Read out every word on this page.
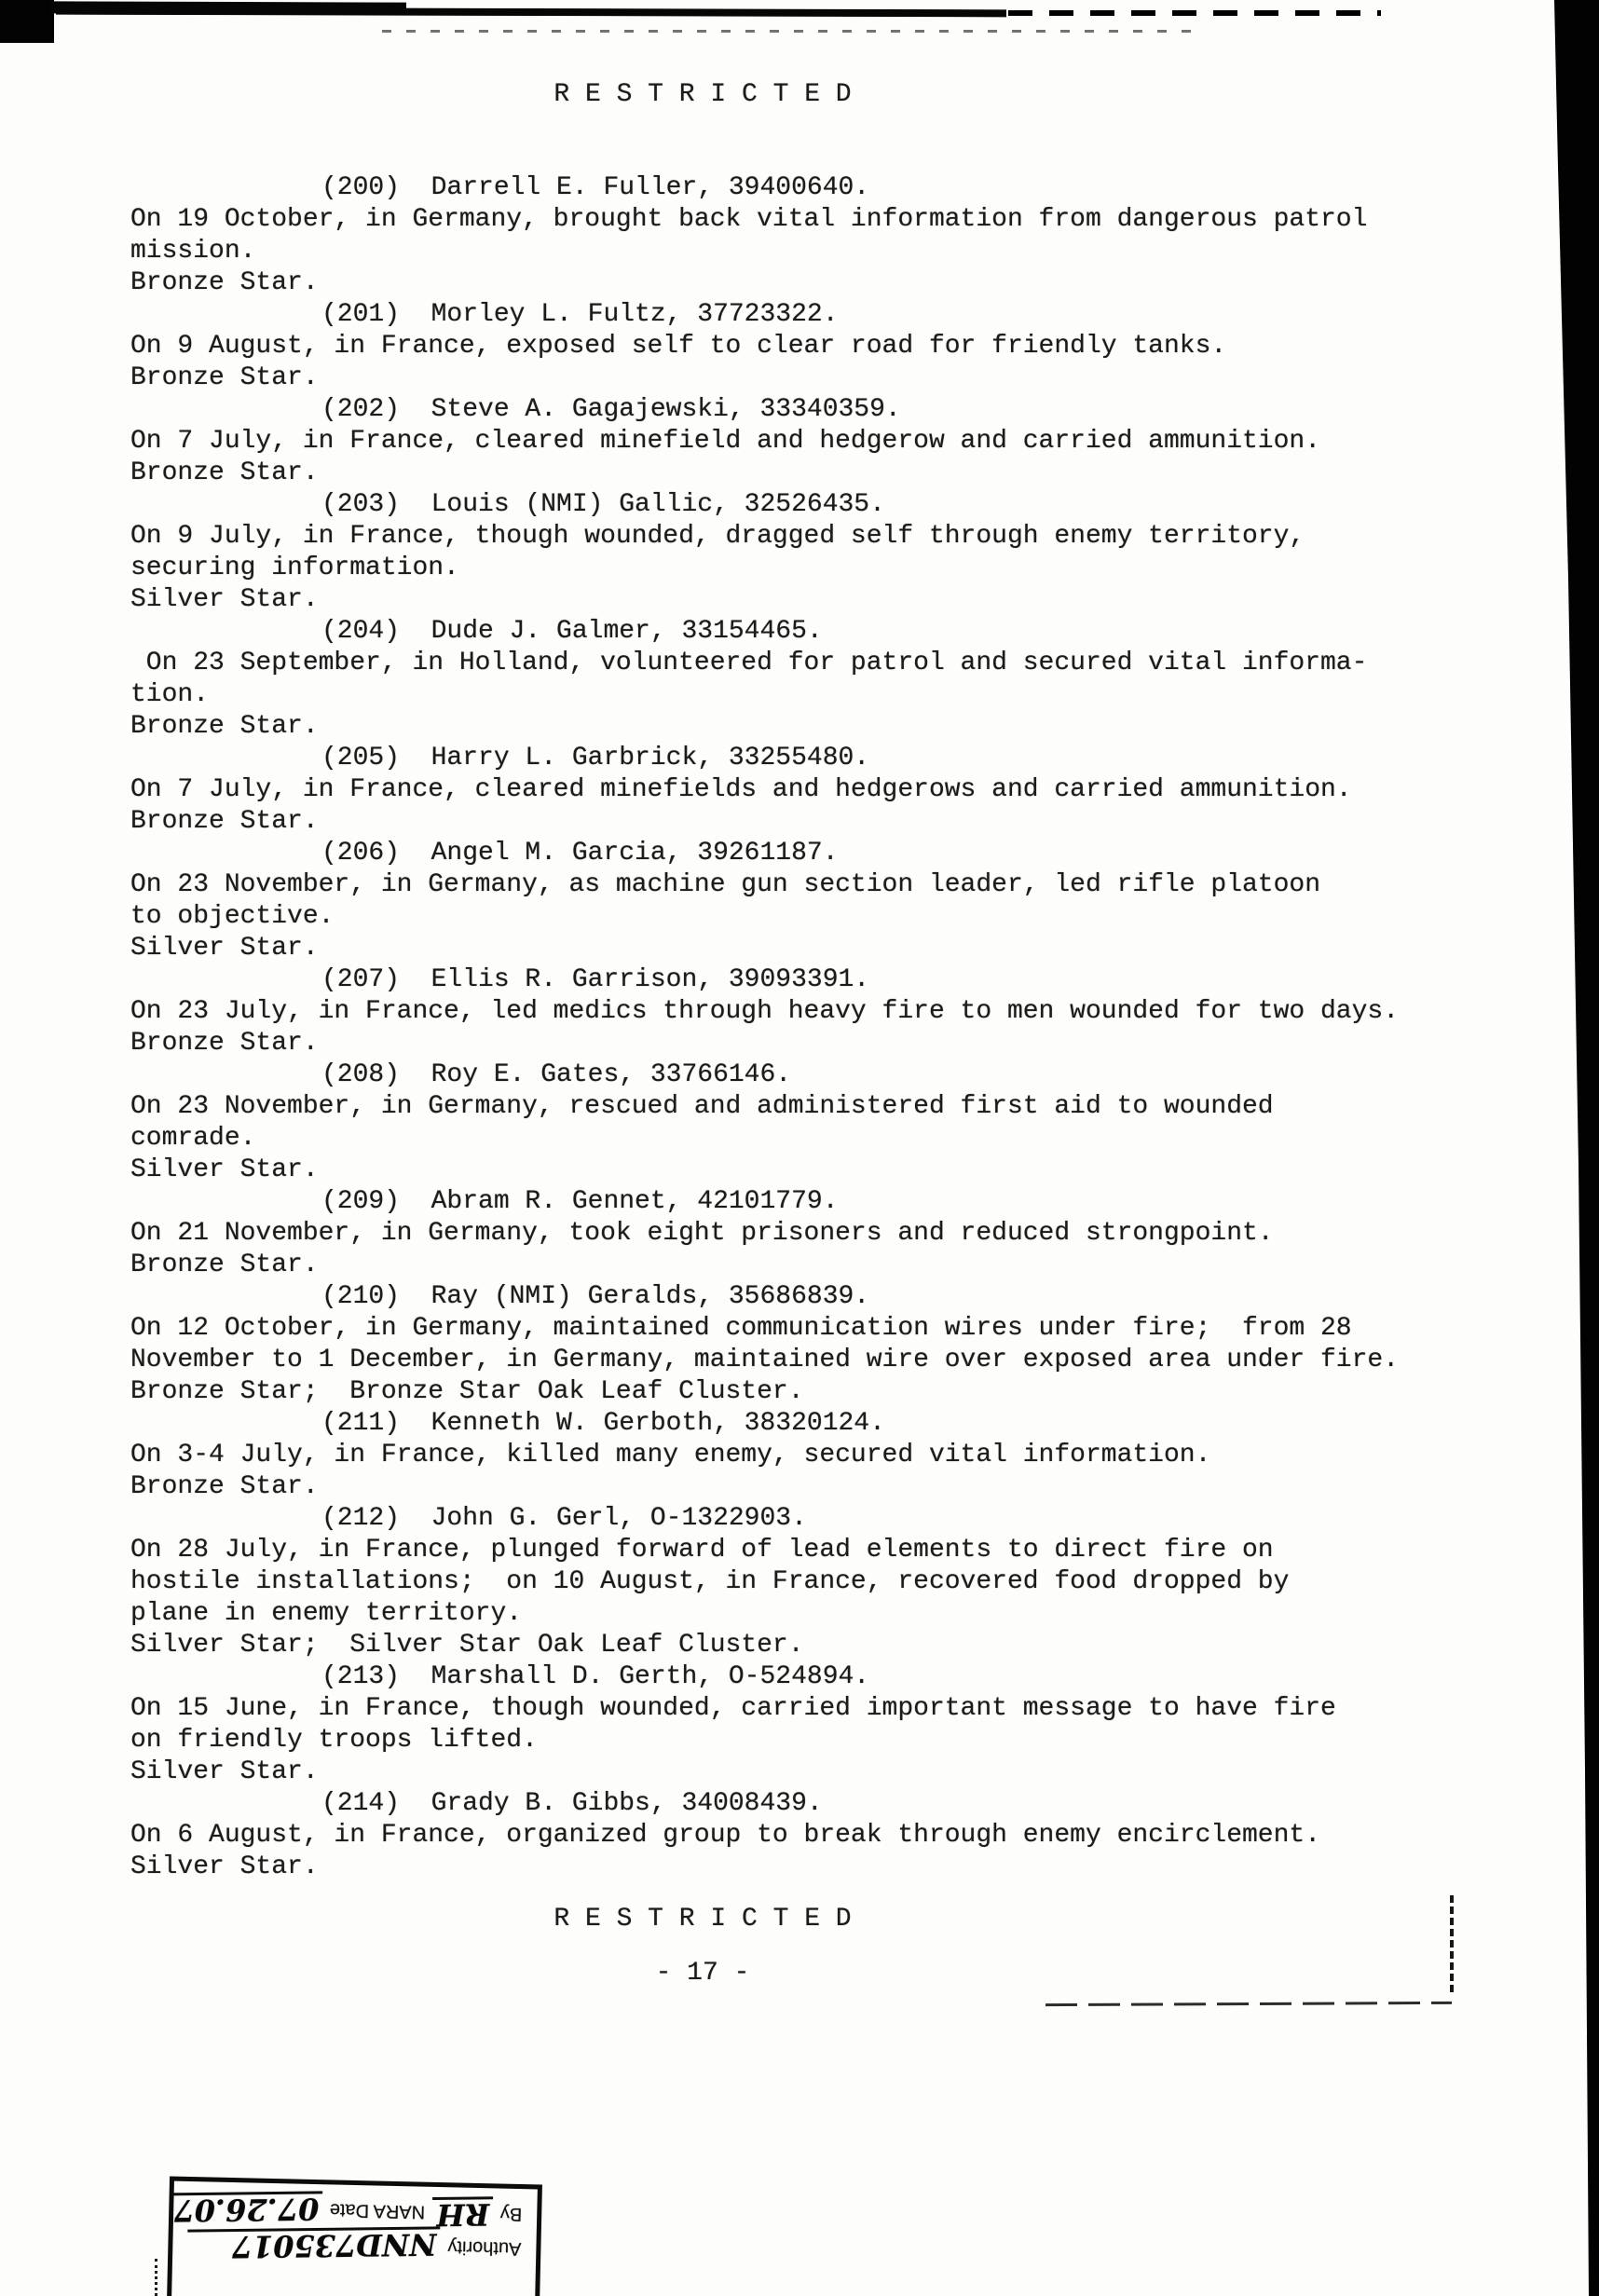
R E S T R I C T E D
(200)  Darrell E. Fuller, 39400640.
On 19 October, in Germany, brought back vital information from dangerous patrol
mission.
Bronze Star.
(201)  Morley L. Fultz, 37723322.
On 9 August, in France, exposed self to clear road for friendly tanks.
Bronze Star.
(202)  Steve A. Gagajewski, 33340359.
On 7 July, in France, cleared minefield and hedgerow and carried ammunition.
Bronze Star.
(203)  Louis (NMI) Gallic, 32526435.
On 9 July, in France, though wounded, dragged self through enemy territory,
securing information.
Silver Star.
(204)  Dude J. Galmer, 33154465.
On 23 September, in Holland, volunteered for patrol and secured vital informa-
tion.
Bronze Star.
(205)  Harry L. Garbrick, 33255480.
On 7 July, in France, cleared minefields and hedgerows and carried ammunition.
Bronze Star.
(206)  Angel M. Garcia, 39261187.
On 23 November, in Germany, as machine gun section leader, led rifle platoon
to objective.
Silver Star.
(207)  Ellis R. Garrison, 39093391.
On 23 July, in France, led medics through heavy fire to men wounded for two days.
Bronze Star.
(208)  Roy E. Gates, 33766146.
On 23 November, in Germany, rescued and administered first aid to wounded
comrade.
Silver Star.
(209)  Abram R. Gennet, 42101779.
On 21 November, in Germany, took eight prisoners and reduced strongpoint.
Bronze Star.
(210)  Ray (NMI) Geralds, 35686839.
On 12 October, in Germany, maintained communication wires under fire;  from 28
November to 1 December, in Germany, maintained wire over exposed area under fire.
Bronze Star;  Bronze Star Oak Leaf Cluster.
(211)  Kenneth W. Gerboth, 38320124.
On 3-4 July, in France, killed many enemy, secured vital information.
Bronze Star.
(212)  John G. Gerl, O-1322903.
On 28 July, in France, plunged forward of lead elements to direct fire on
hostile installations;  on 10 August, in France, recovered food dropped by
plane in enemy territory.
Silver Star;  Silver Star Oak Leaf Cluster.
(213)  Marshall D. Gerth, O-524894.
On 15 June, in France, though wounded, carried important message to have fire
on friendly troops lifted.
Silver Star.
(214)  Grady B. Gibbs, 34008439.
On 6 August, in France, organized group to break through enemy encirclement.
Silver Star.
R E S T R I C T E D
- 17 -
Authority
NND735017
By
RH
NARA Date
07.26.07
